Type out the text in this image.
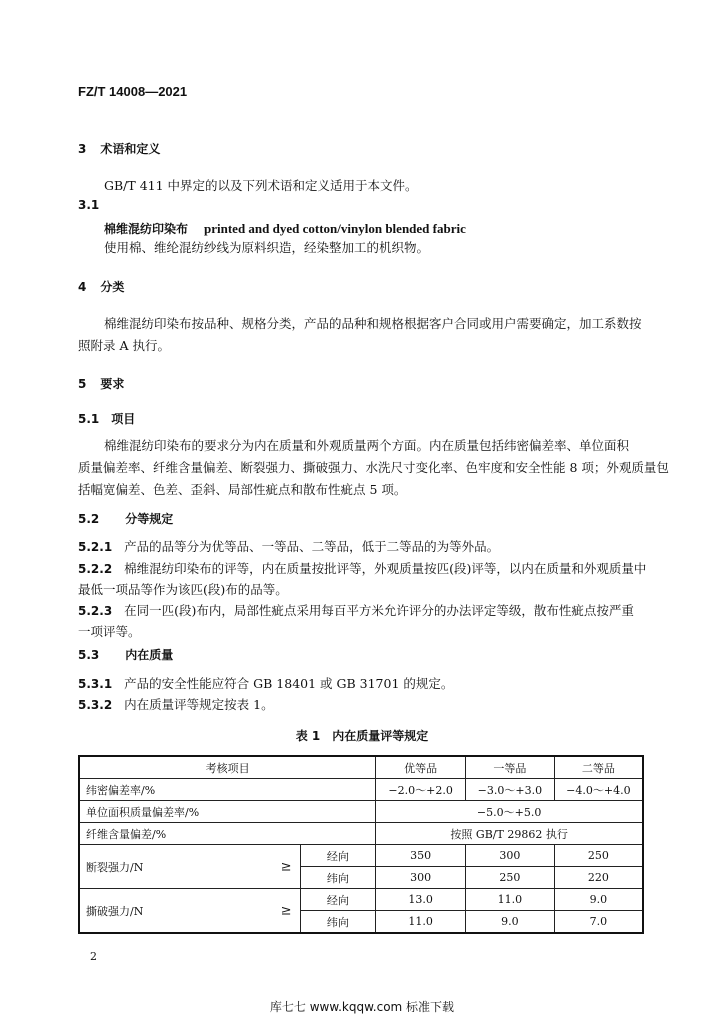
FZ/T 14008—2021
3 术语和定义
GB/T 411 中界定的以及下列术语和定义适用于本文件。
3.1
棉维混纺印染布 printed and dyed cotton/vinylon blended fabric
使用棉、维纶混纺纱线为原料织造，经染整加工的机织物。
4 分类
棉维混纺印染布按品种、规格分类，产品的品种和规格根据客户合同或用户需要确定，加工系数按
照附录 A 执行。
5 要求
5.1 项目
棉维混纺印染布的要求分为内在质量和外观质量两个方面。内在质量包括纬密偏差率、单位面积
质量偏差率、纤维含量偏差、断裂强力、撕破强力、水洗尺寸变化率、色牢度和安全性能 8 项；外观质量包
括幅宽偏差、色差、歪斜、局部性疵点和散布性疵点 5 项。
5.2 分等规定
5.2.1 产品的品等分为优等品、一等品、二等品，低于二等品的为等外品。
5.2.2 棉维混纺印染布的评等，内在质量按批评等，外观质量按匹(段)评等，以内在质量和外观质量中
最低一项品等作为该匹(段)布的品等。
5.2.3 在同一匹(段)布内，局部性疵点采用每百平方米允许评分的办法评定等级，散布性疵点按严重
一项评等。
5.3 内在质量
5.3.1 产品的安全性能应符合 GB 18401 或 GB 31701 的规定。
5.3.2 内在质量评等规定按表 1。
表 1　内在质量评等规定
考核项目		优等品	一等品	二等品
纬密偏差率/%		−2.0～+2.0	−3.0～+3.0	−4.0～+4.0
单位面积质量偏差率/%		−5.0～+5.0		
纤维含量偏差/%		按照 GB/T 29862 执行		
断裂强力/N ≥	经向	350	300	250
	纬向	300	250	220
撕破强力/N ≥	经向	13.0	11.0	9.0
	纬向	11.0	9.0	7.0
2
库七七 www.kqqw.com 标准下载
